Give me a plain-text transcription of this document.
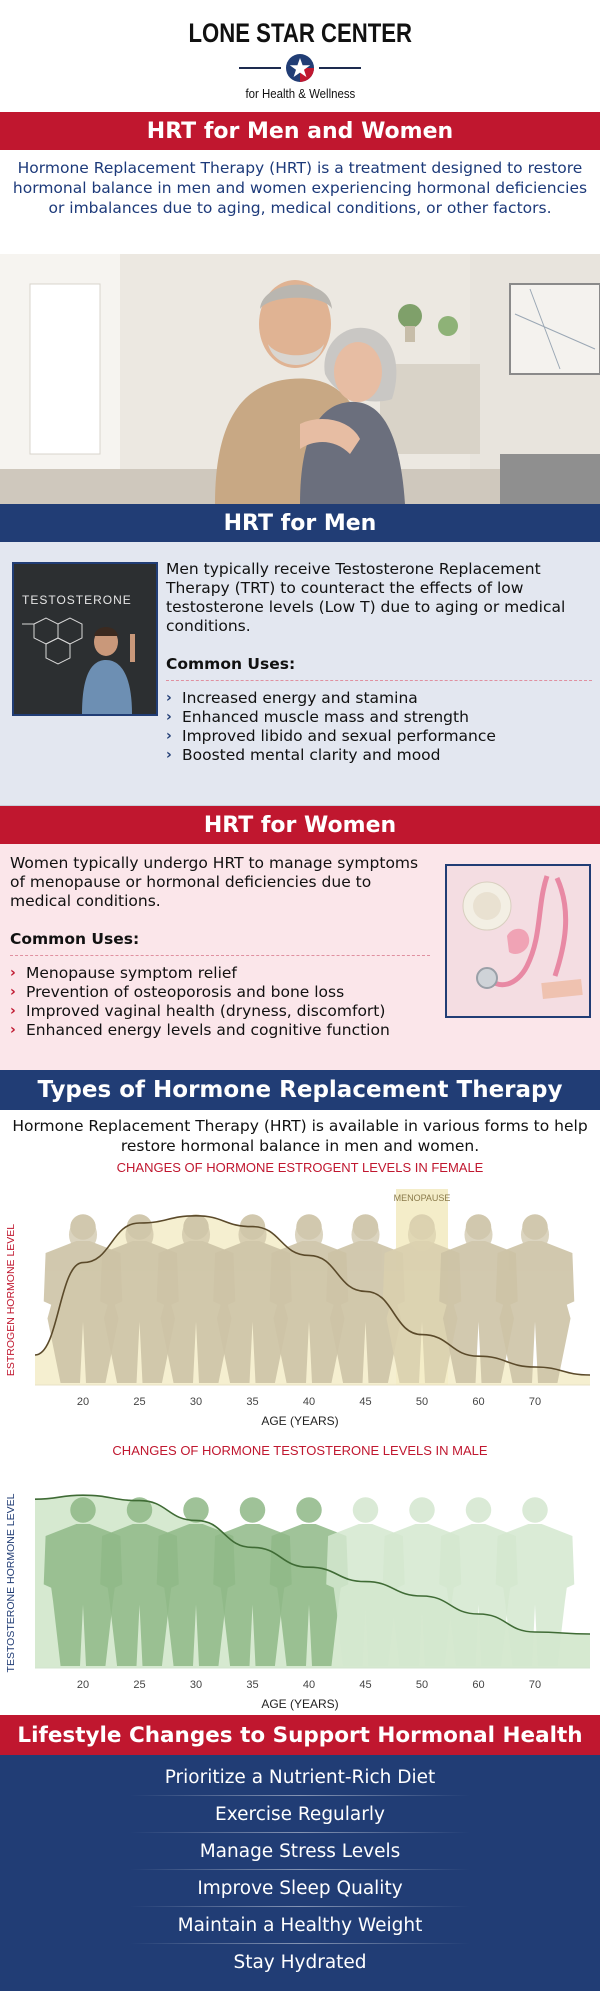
LONE STAR CENTER
for Health & Wellness
HRT for Men and Women
Hormone Replacement Therapy (HRT) is a treatment designed to restore hormonal balance in men and women experiencing hormonal deficiencies or imbalances due to aging, medical conditions, or other factors.
HRT for Men
TESTOSTERONE

Men typically receive Testosterone Replacement Therapy (TRT) to counteract the effects of low testosterone levels (Low T) due to aging or medical conditions.

Common Uses:

› Increased energy and stamina
› Enhanced muscle mass and strength
› Improved libido and sexual performance
› Boosted mental clarity and mood
HRT for Women

Women typically undergo HRT to manage symptoms of menopause or hormonal deficiencies due to medical conditions.

Common Uses:

› Menopause symptom relief
› Prevention of osteoporosis and bone loss
› Improved vaginal health (dryness, discomfort)
› Enhanced energy levels and cognitive function
Types of Hormone Replacement Therapy
Hormone Replacement Therapy (HRT) is available in various forms to help restore hormonal balance in men and women.
CHANGES OF HORMONE ESTROGENT LEVELS IN FEMALE
MENOPAUSE
20	25	30	35	40	45	50	60	70
AGE (YEARS)
ESTROGEN HORMONE LEVEL
CHANGES OF HORMONE TESTOSTERONE LEVELS IN MALE
20	25	30	35	40	45	50	60	70
AGE (YEARS)
TESTOSTERONE HORMONE LEVEL
Lifestyle Changes to Support Hormonal Health
Prioritize a Nutrient-Rich Diet
Exercise Regularly
Manage Stress Levels
Improve Sleep Quality
Maintain a Healthy Weight
Stay Hydrated
